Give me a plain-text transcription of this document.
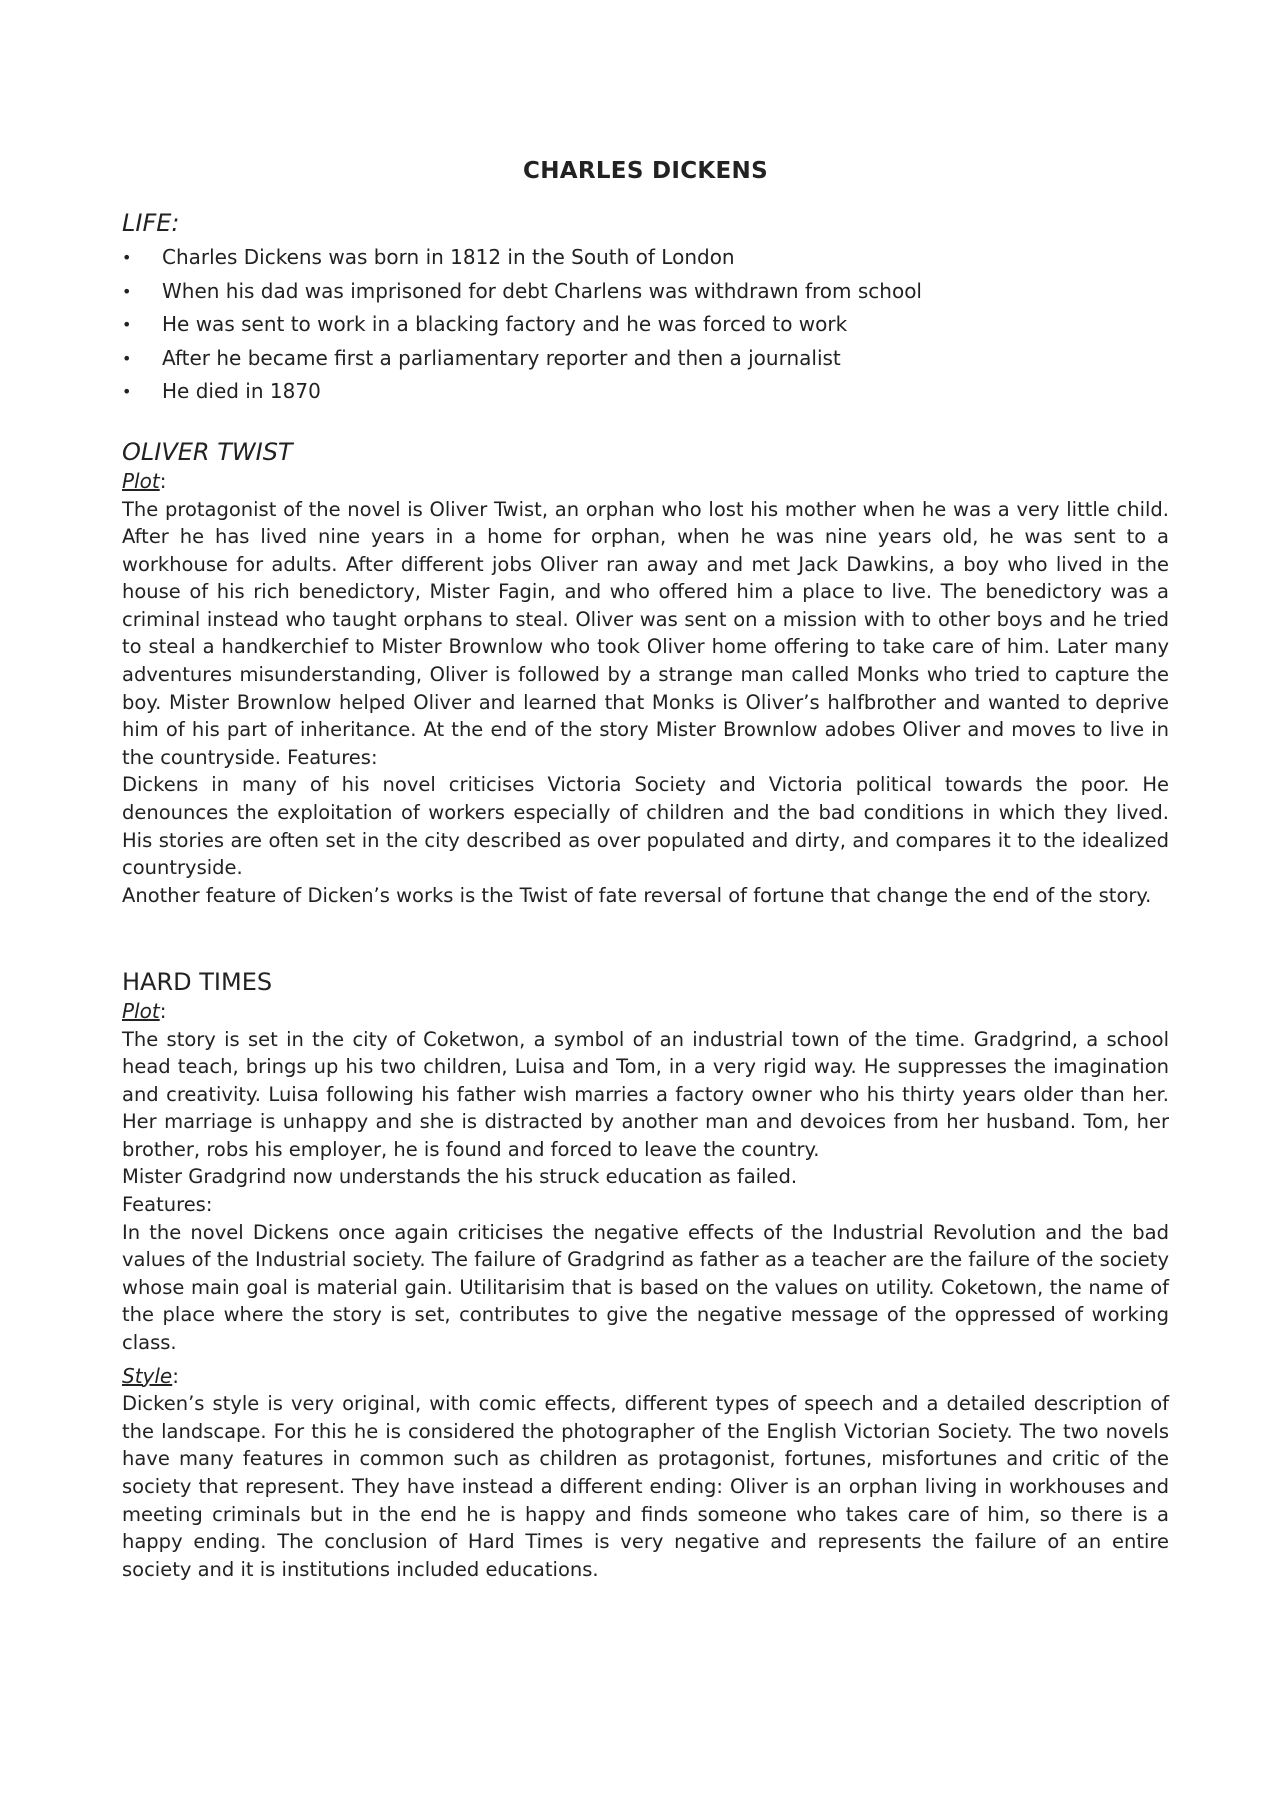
CHARLES DICKENS
LIFE:
• Charles Dickens was born in 1812 in the South of London
• When his dad was imprisoned for debt Charlens was withdrawn from school
• He was sent to work in a blacking factory and he was forced to work
• After he became first a parliamentary reporter and then a journalist
• He died in 1870
OLIVER TWIST

Plot:

The protagonist of the novel is Oliver Twist, an orphan who lost his mother when he was a very little child. After he has lived nine years in a home for orphan, when he was nine years old, he was sent to a workhouse for adults. After different jobs Oliver ran away and met Jack Dawkins, a boy who lived in the house of his rich benedictory, Mister Fagin, and who offered him a place to live. The benedictory was a criminal instead who taught orphans to steal. Oliver was sent on a mission with to other boys and he tried to steal a handkerchief to Mister Brownlow who took Oliver home offering to take care of him. Later many adventures misunderstanding, Oliver is followed by a strange man called Monks who tried to capture the boy. Mister Brownlow helped Oliver and learned that Monks is Oliver’s halfbrother and wanted to deprive him of his part of inheritance. At the end of the story Mister Brownlow adobes Oliver and moves to live in the countryside. Features:

Dickens in many of his novel criticises Victoria Society and Victoria political towards the poor. He denounces the exploitation of workers especially of children and the bad conditions in which they lived. His stories are often set in the city described as over populated and dirty, and compares it to the idealized countryside.

Another feature of Dicken’s works is the Twist of fate reversal of fortune that change the end of the story.

HARD TIMES

Plot:

The story is set in the city of Coketwon, a symbol of an industrial town of the time. Gradgrind, a school head teach, brings up his two children, Luisa and Tom, in a very rigid way. He suppresses the imagination and creativity. Luisa following his father wish marries a factory owner who his thirty years older than her. Her marriage is unhappy and she is distracted by another man and devoices from her husband. Tom, her brother, robs his employer, he is found and forced to leave the country.

Mister Gradgrind now understands the his struck education as failed.

Features:

In the novel Dickens once again criticises the negative effects of the Industrial Revolution and the bad values of the Industrial society. The failure of Gradgrind as father as a teacher are the failure of the society whose main goal is material gain. Utilitarisim that is based on the values on utility. Coketown, the name of the place where the story is set, contributes to give the negative message of the oppressed of working class.

Style:

Dicken’s style is very original, with comic effects, different types of speech and a detailed description of the landscape. For this he is considered the photographer of the English Victorian Society. The two novels have many features in common such as children as protagonist, fortunes, misfortunes and critic of the society that represent. They have instead a different ending: Oliver is an orphan living in workhouses and meeting criminals but in the end he is happy and finds someone who takes care of him, so there is a happy ending. The conclusion of Hard Times is very negative and represents the failure of an entire society and it is institutions included educations.
